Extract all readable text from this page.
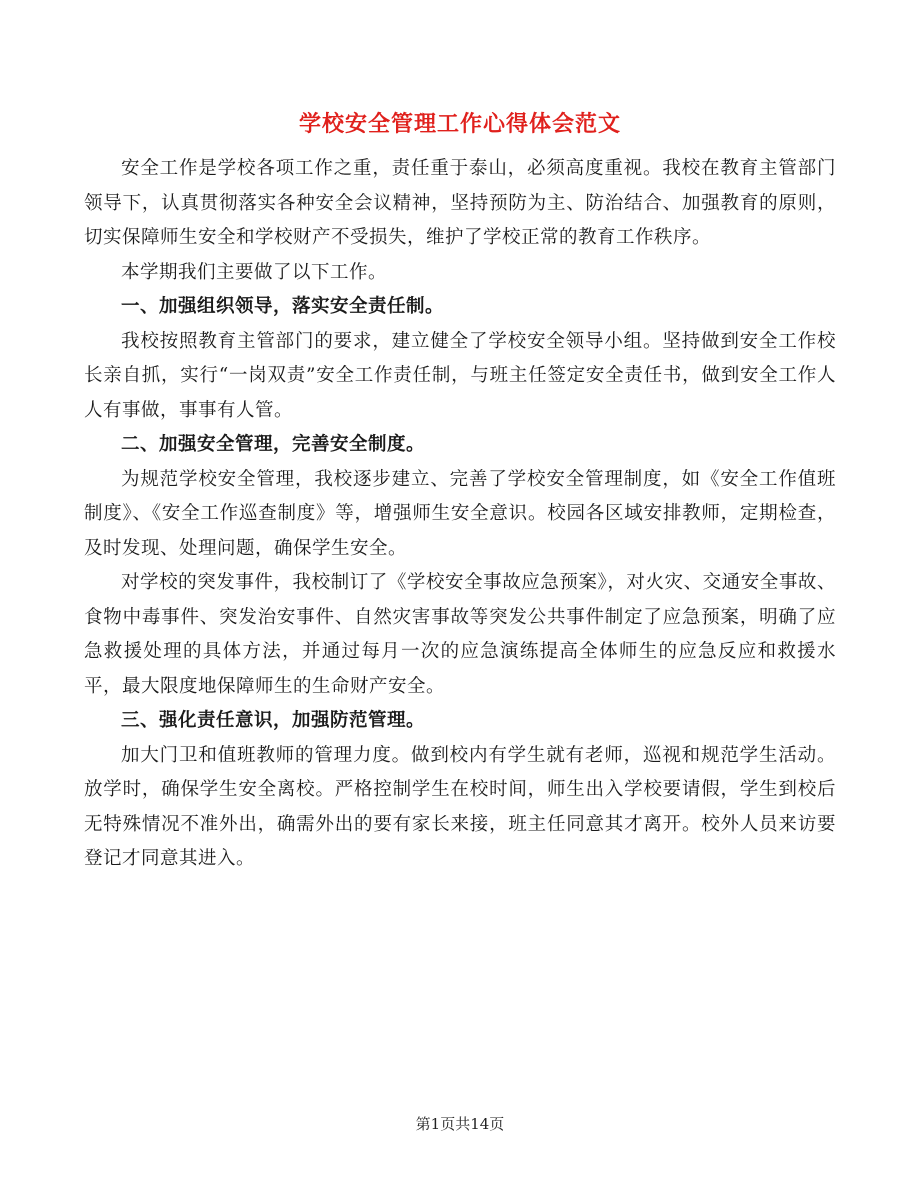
学校安全管理工作心得体会范文

安全工作是学校各项工作之重，责任重于泰山，必须高度重视。我校在教育主管部门领导下，认真贯彻落实各种安全会议精神，坚持预防为主、防治结合、加强教育的原则，切实保障师生安全和学校财产不受损失，维护了学校正常的教育工作秩序。

本学期我们主要做了以下工作。

一、加强组织领导，落实安全责任制。

我校按照教育主管部门的要求，建立健全了学校安全领导小组。坚持做到安全工作校长亲自抓，实行“一岗双责”安全工作责任制，与班主任签定安全责任书，做到安全工作人人有事做，事事有人管。

二、加强安全管理，完善安全制度。

为规范学校安全管理，我校逐步建立、完善了学校安全管理制度，如《安全工作值班制度》、《安全工作巡查制度》等，增强师生安全意识。校园各区域安排教师，定期检查，及时发现、处理问题，确保学生安全。

对学校的突发事件，我校制订了《学校安全事故应急预案》，对火灾、交通安全事故、食物中毒事件、突发治安事件、自然灾害事故等突发公共事件制定了应急预案，明确了应急救援处理的具体方法，并通过每月一次的应急演练提高全体师生的应急反应和救援水平，最大限度地保障师生的生命财产安全。

三、强化责任意识，加强防范管理。

加大门卫和值班教师的管理力度。做到校内有学生就有老师，巡视和规范学生活动。放学时，确保学生安全离校。严格控制学生在校时间，师生出入学校要请假，学生到校后无特殊情况不准外出，确需外出的要有家长来接，班主任同意其才离开。校外人员来访要登记才同意其进入。

第1页共14页
